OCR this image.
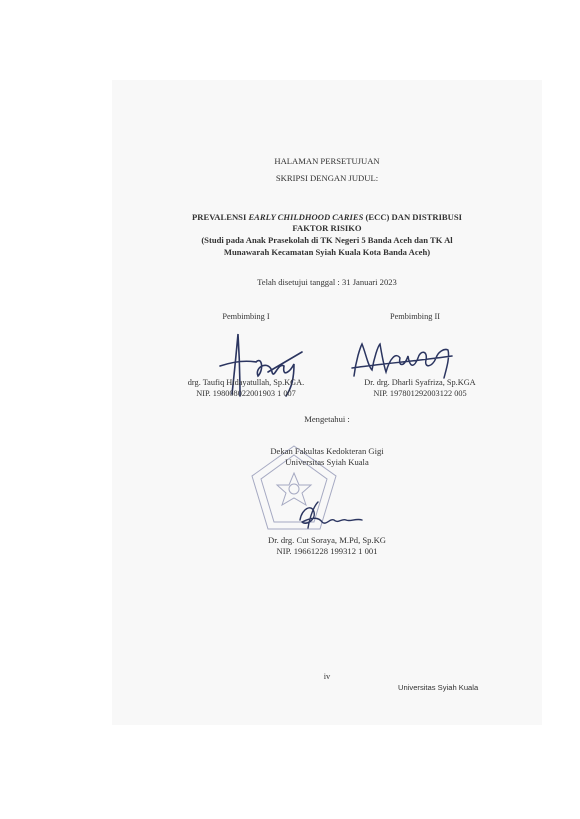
HALAMAN PERSETUJUAN
SKRIPSI DENGAN JUDUL:
PREVALENSI EARLY CHILDHOOD CARIES (ECC) DAN DISTRIBUSI
FAKTOR RISIKO
(Studi pada Anak Prasekolah di TK Negeri 5 Banda Aceh dan TK Al
Munawarah Kecamatan Syiah Kuala Kota Banda Aceh)
Telah disetujui tanggal : 31 Januari 2023
Pembimbing I
drg. Taufiq Hidayatullah, Sp.KGA.
NIP. 198008022001903 1 007
Pembimbing II
Dr. drg. Dharli Syafriza, Sp.KGA
NIP. 197801292003122 005
Mengetahui :
Dekan Fakultas Kedokteran Gigi
Universitas Syiah Kuala
Dr. drg. Cut Soraya, M.Pd, Sp.KG
NIP. 19661228 199312 1 001
iv
Universitas Syiah Kuala
